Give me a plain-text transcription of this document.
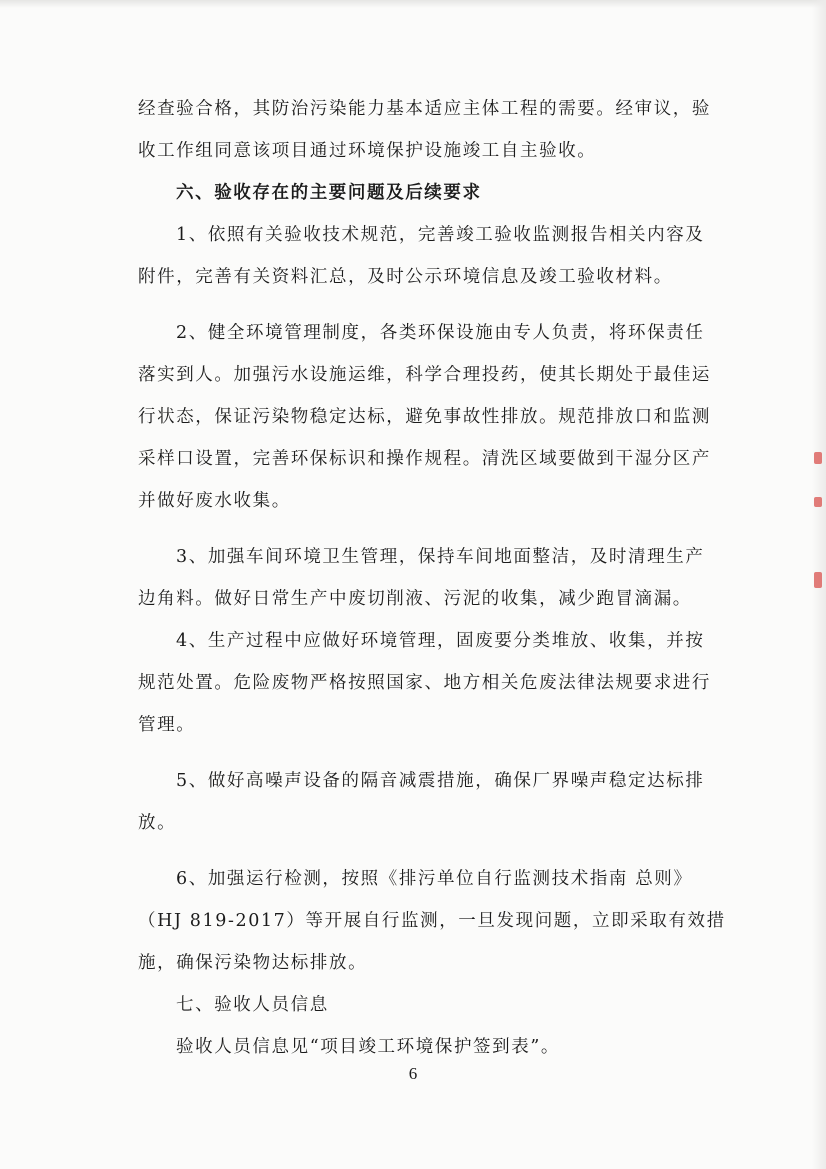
经查验合格，其防治污染能力基本适应主体工程的需要。经审议，验
收工作组同意该项目通过环境保护设施竣工自主验收。
六、验收存在的主要问题及后续要求
1、依照有关验收技术规范，完善竣工验收监测报告相关内容及
附件，完善有关资料汇总，及时公示环境信息及竣工验收材料。
2、健全环境管理制度，各类环保设施由专人负责，将环保责任
落实到人。加强污水设施运维，科学合理投药，使其长期处于最佳运
行状态，保证污染物稳定达标，避免事故性排放。规范排放口和监测
采样口设置，完善环保标识和操作规程。清洗区域要做到干湿分区产
并做好废水收集。
3、加强车间环境卫生管理，保持车间地面整洁，及时清理生产
边角料。做好日常生产中废切削液、污泥的收集，减少跑冒滴漏。
4、生产过程中应做好环境管理，固废要分类堆放、收集，并按
规范处置。危险废物严格按照国家、地方相关危废法律法规要求进行
管理。
5、做好高噪声设备的隔音减震措施，确保厂界噪声稳定达标排
放。
6、加强运行检测，按照《排污单位自行监测技术指南 总则》
（HJ 819-2017）等开展自行监测，一旦发现问题，立即采取有效措
施，确保污染物达标排放。
七、验收人员信息
验收人员信息见“项目竣工环境保护签到表”。
6
